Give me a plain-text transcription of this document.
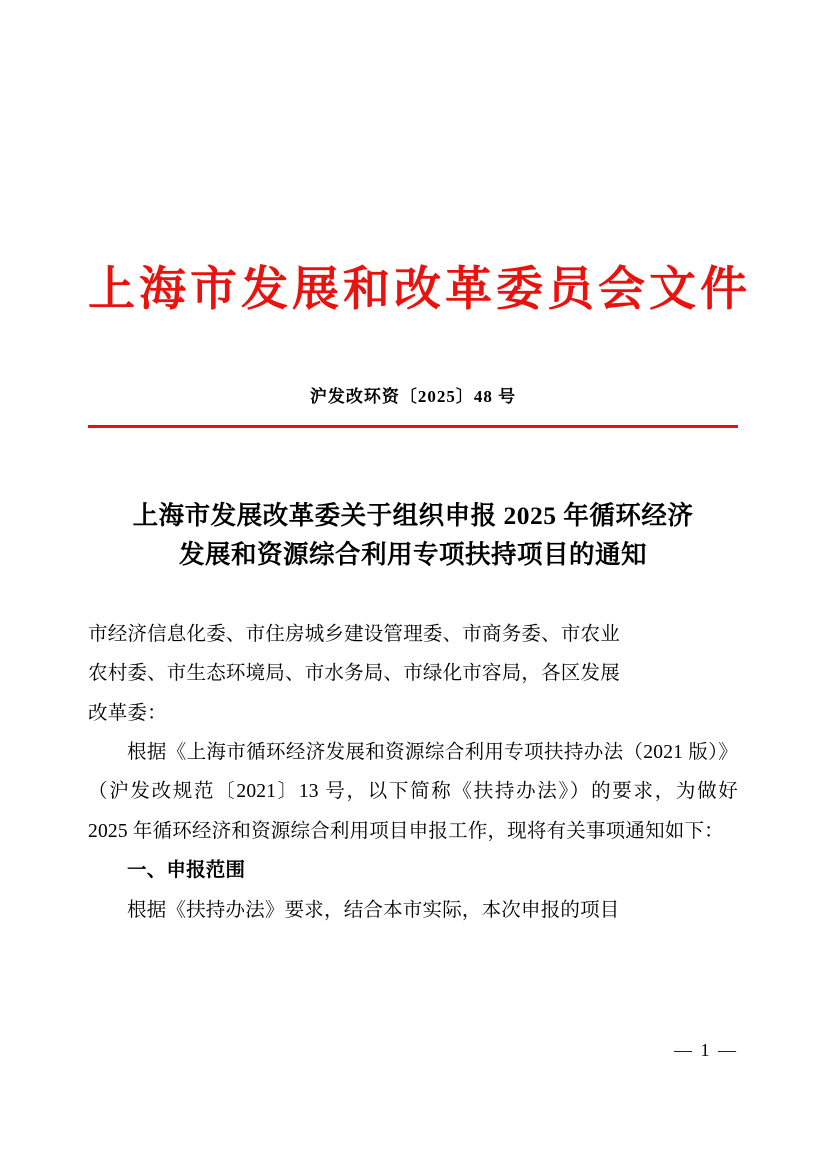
上海市发展和改革委员会文件
沪发改环资〔2025〕48 号
上海市发展改革委关于组织申报 2025 年循环经济
发展和资源综合利用专项扶持项目的通知

市经济信息化委、市住房城乡建设管理委、市商务委、市农业

农村委、市生态环境局、市水务局、市绿化市容局，各区发展

改革委：

根据《上海市循环经济发展和资源综合利用专项扶持办法（2021 版）》（沪发改规范〔2021〕13 号，以下简称《扶持办法》）的要求，为做好 2025 年循环经济和资源综合利用项目申报工作，现将有关事项通知如下：

一、申报范围

根据《扶持办法》要求，结合本市实际，本次申报的项目

— 1 —
